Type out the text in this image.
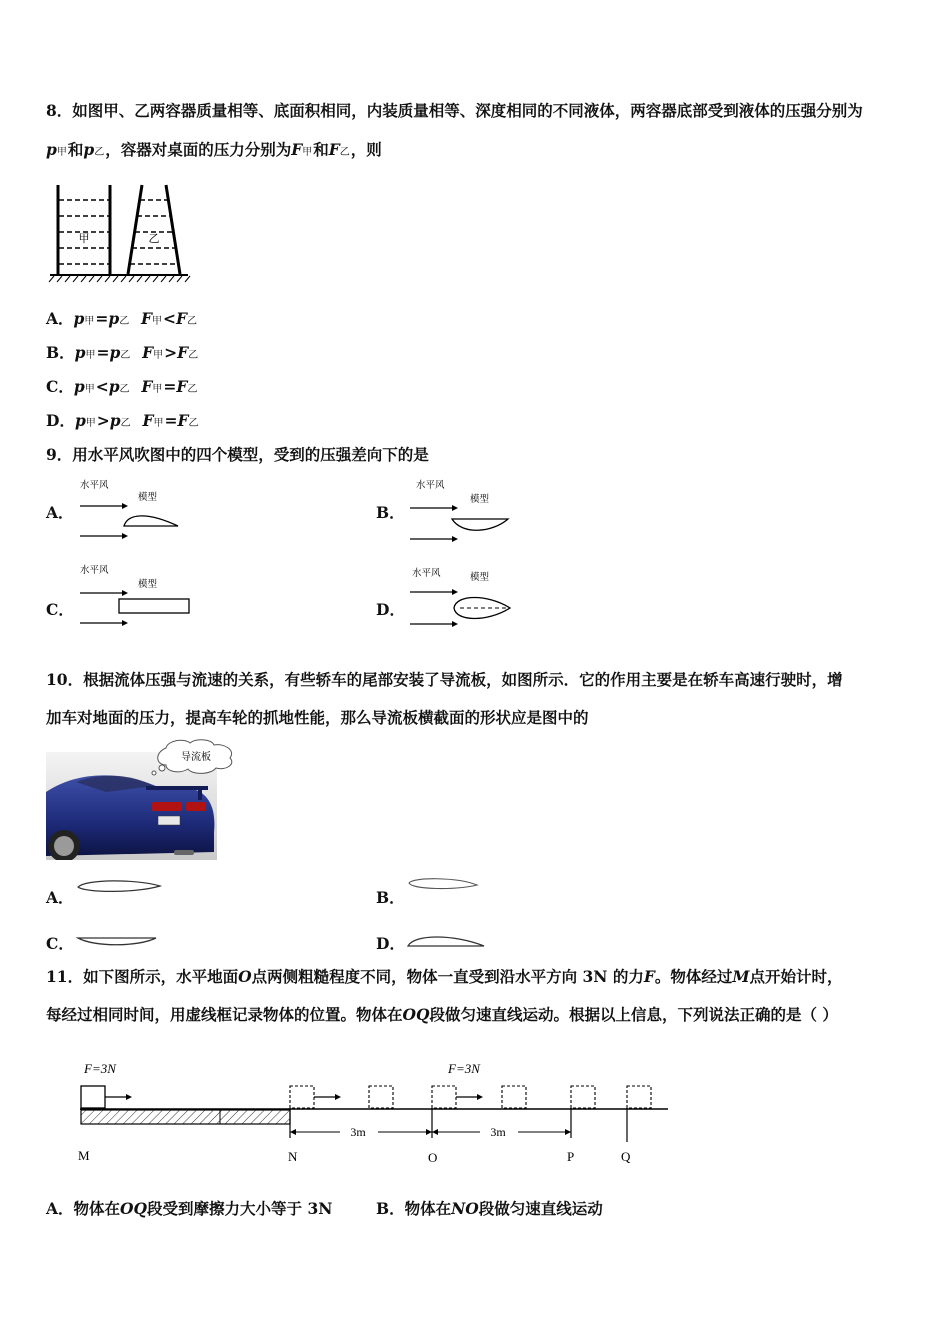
8．如图甲、乙两容器质量相等、底面积相同，内装质量相等、深度相同的不同液体，两容器底部受到液体的压强分别为
p甲和p乙，容器对桌面的压力分别为F甲和F乙，则
甲	乙
A．p甲=p乙 F甲<F乙
B．p甲=p乙 F甲>F乙
C．p甲<p乙 F甲=F乙
D．p甲>p乙 F甲=F乙
9．用水平风吹图中的四个模型，受到的压强差向下的是
A．
水平风
模型
B．
水平风
模型
C．
水平风
模型
D．
水平风	模型
10．根据流体压强与流速的关系，有些轿车的尾部安装了导流板，如图所示．它的作用主要是在轿车高速行驶时，增
加车对地面的压力，提高车轮的抓地性能，那么导流板横截面的形状应是图中的
导流板
A．	B．
C．	D．
11．如下图所示，水平地面O点两侧粗糙程度不同，物体一直受到沿水平方向 3N 的力F。物体经过M点开始计时，
每经过相同时间，用虚线框记录物体的位置。物体在OQ段做匀速直线运动。根据以上信息，下列说法正确的是（ ）
F=3N	F=3N
3m	3m
M	N	O	P	Q
A．物体在OQ段受到摩擦力大小等于 3N	B．物体在NO段做匀速直线运动
